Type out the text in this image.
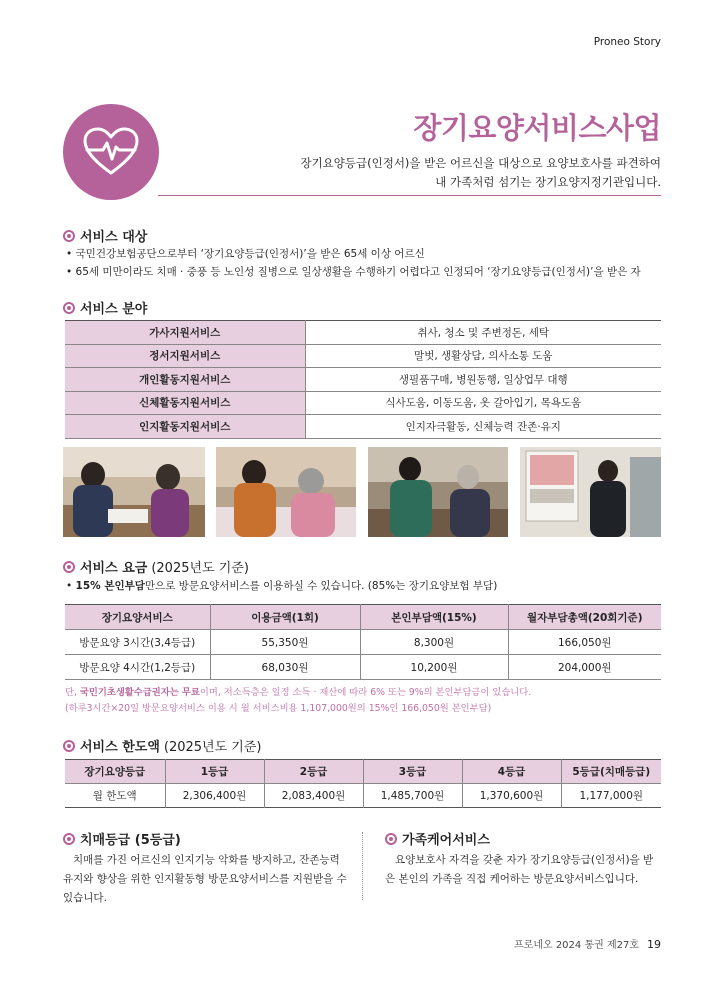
Proneo Story
장기요양서비스사업
장기요양등급(인정서)을 받은 어르신을 대상으로 요양보호사를 파견하여
내 가족처럼 섬기는 장기요양지정기관입니다.
서비스 대상
• 국민건강보험공단으로부터 ‘장기요양등급(인정서)’을 받은 65세 이상 어르신
• 65세 미만이라도 치매 · 중풍 등 노인성 질병으로 일상생활을 수행하기 어렵다고 인정되어 ‘장기요양등급(인정서)’을 받은 자
서비스 분야
가사지원서비스	취사, 청소 및 주변정돈, 세탁
정서지원서비스	말벗, 생활상담, 의사소통 도움
개인활동지원서비스	생필품구매, 병원동행, 일상업무 대행
신체활동지원서비스	식사도움, 이동도움, 옷 갈아입기, 목욕도움
인지활동지원서비스	인지자극활동, 신체능력 잔존·유지
서비스 요금 (2025년도 기준)
• 15% 본인부담만으로 방문요양서비스를 이용하실 수 있습니다. (85%는 장기요양보험 부담)
장기요양서비스	이용금액(1회)	본인부담액(15%)	월자부담총액(20회기준)
방문요양 3시간(3,4등급)	55,350원	8,300원	166,050원
방문요양 4시간(1,2등급)	68,030원	10,200원	204,000원
단, 국민기초생활수급권자는 무료이며, 저소득층은 일정 소득 · 재산에 따라 6% 또는 9%의 본인부담금이 있습니다.
(하루3시간×20일 방문요양서비스 이용 시 월 서비스비용 1,107,000원의 15%인 166,050원 본인부담)
서비스 한도액 (2025년도 기준)
장기요양등급	1등급	2등급	3등급	4등급	5등급(치매등급)
월 한도액	2,306,400원	2,083,400원	1,485,700원	1,370,600원	1,177,000원
치매등급 (5등급)
치매를 가진 어르신의 인지기능 악화를 방지하고, 잔존능력 유지와 향상을 위한 인지활동형 방문요양서비스를 지원받을 수 있습니다.
가족케어서비스
요양보호사 자격을 갖춘 자가 장기요양등급(인정서)을 받은 본인의 가족을 직접 케어하는 방문요양서비스입니다.
프로네오 2024 통권 제27호 19
